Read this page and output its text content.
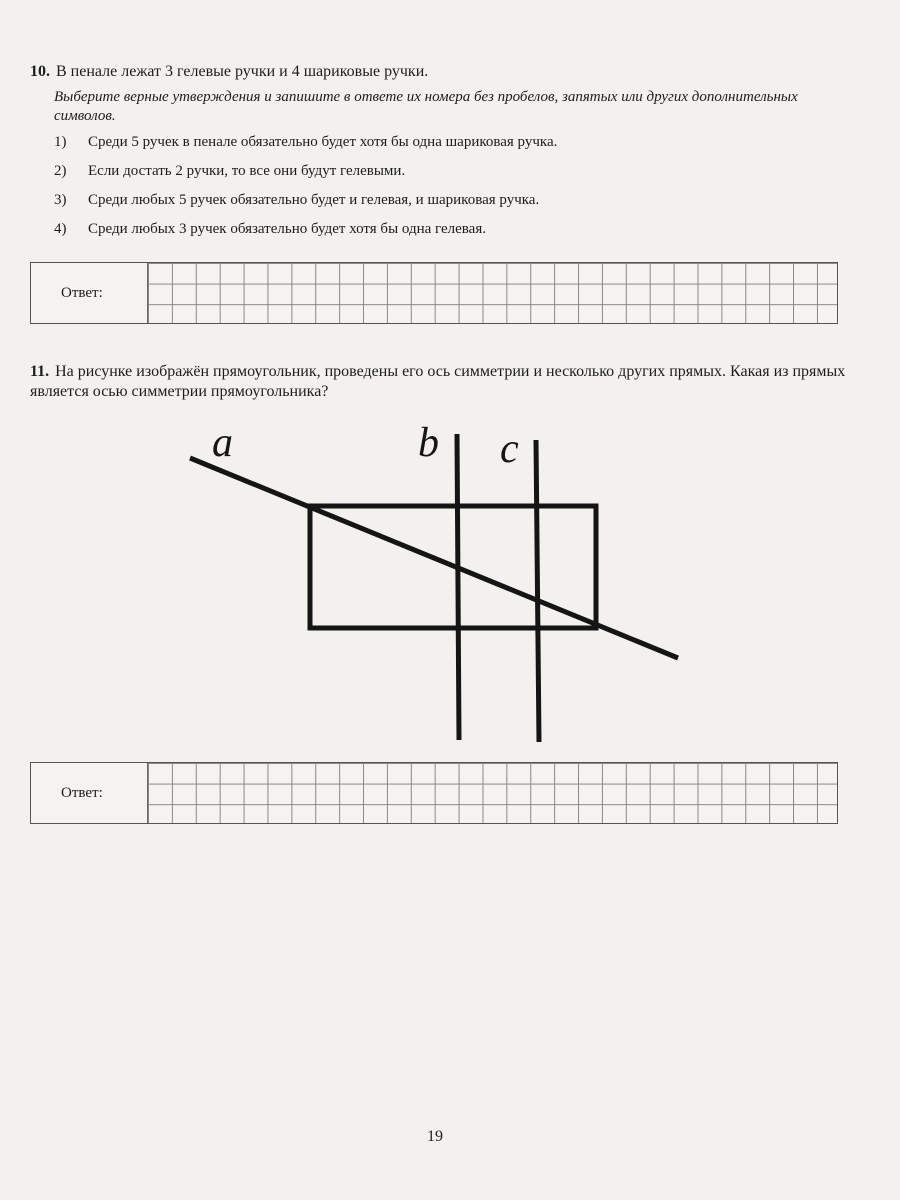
10. В пенале лежат 3 гелевые ручки и 4 шариковые ручки.
Выберите верные утверждения и запишите в ответе их номера без пробелов, запятых или других дополнительных символов.
1)	Среди 5 ручек в пенале обязательно будет хотя бы одна шариковая ручка.
2)	Если достать 2 ручки, то все они будут гелевыми.
3)	Среди любых 5 ручек обязательно будет и гелевая, и шариковая ручка.
4)	Среди любых 3 ручек обязательно будет хотя бы одна гелевая.
Ответ:
11. На рисунке изображён прямоугольник, проведены его ось симметрии и несколько других прямых. Какая из прямых является осью симметрии прямоугольника?
a	b c
Ответ:
19
